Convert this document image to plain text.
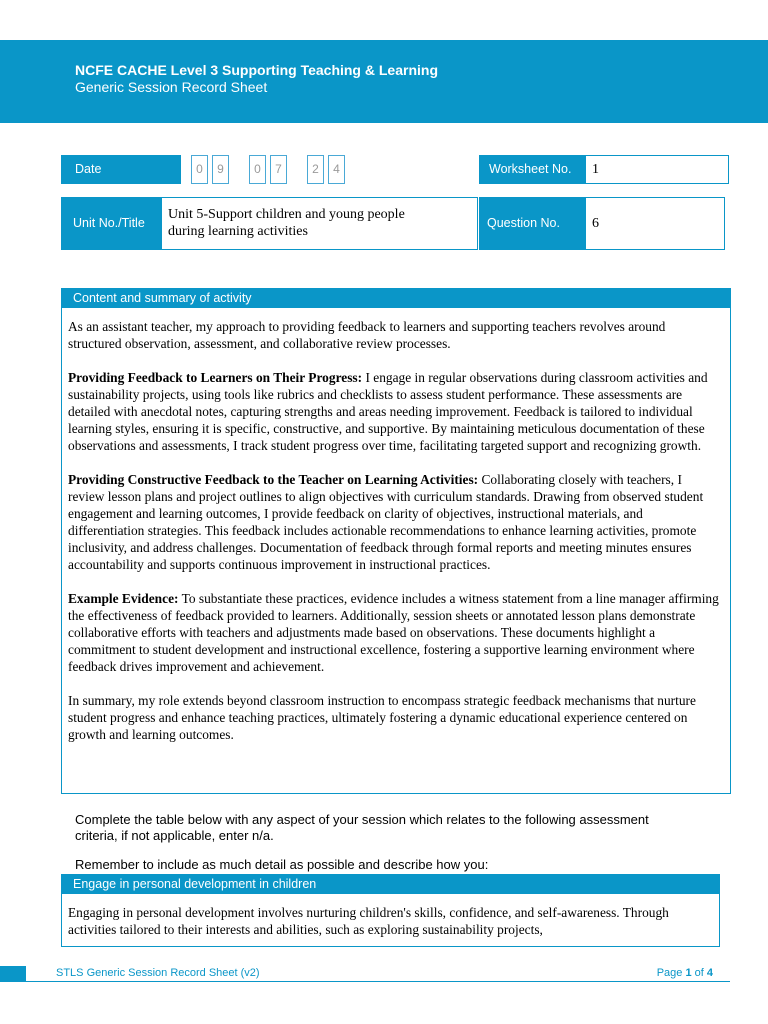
NCFE CACHE Level 3 Supporting Teaching & Learning
Generic Session Record Sheet
Date	0	9	0	7	2	4	Worksheet No.	1
Unit No./Title
Unit 5-Support children and young people
during learning activities
Question No.	6
Content and summary of activity

As an assistant teacher, my approach to providing feedback to learners and supporting teachers revolves around structured observation, assessment, and collaborative review processes.

Providing Feedback to Learners on Their Progress: I engage in regular observations during classroom activities and sustainability projects, using tools like rubrics and checklists to assess student performance. These assessments are detailed with anecdotal notes, capturing strengths and areas needing improvement. Feedback is tailored to individual learning styles, ensuring it is specific, constructive, and supportive. By maintaining meticulous documentation of these observations and assessments, I track student progress over time, facilitating targeted support and recognizing growth.

Providing Constructive Feedback to the Teacher on Learning Activities: Collaborating closely with teachers, I review lesson plans and project outlines to align objectives with curriculum standards. Drawing from observed student engagement and learning outcomes, I provide feedback on clarity of objectives, instructional materials, and differentiation strategies. This feedback includes actionable recommendations to enhance learning activities, promote inclusivity, and address challenges. Documentation of feedback through formal reports and meeting minutes ensures accountability and supports continuous improvement in instructional practices.

Example Evidence: To substantiate these practices, evidence includes a witness statement from a line manager affirming the effectiveness of feedback provided to learners. Additionally, session sheets or annotated lesson plans demonstrate collaborative efforts with teachers and adjustments made based on observations. These documents highlight a commitment to student development and instructional excellence, fostering a supportive learning environment where feedback drives improvement and achievement.

In summary, my role extends beyond classroom instruction to encompass strategic feedback mechanisms that nurture student progress and enhance teaching practices, ultimately fostering a dynamic educational experience centered on growth and learning outcomes.

Complete the table below with any aspect of your session which relates to the following assessment
criteria, if not applicable, enter n/a.
Remember to include as much detail as possible and describe how you:
Engage in personal development in children

Engaging in personal development involves nurturing children's skills, confidence, and self-awareness. Through activities tailored to their interests and abilities, such as exploring sustainability projects,

STLS Generic Session Record Sheet (v2)	Page 1 of 4
